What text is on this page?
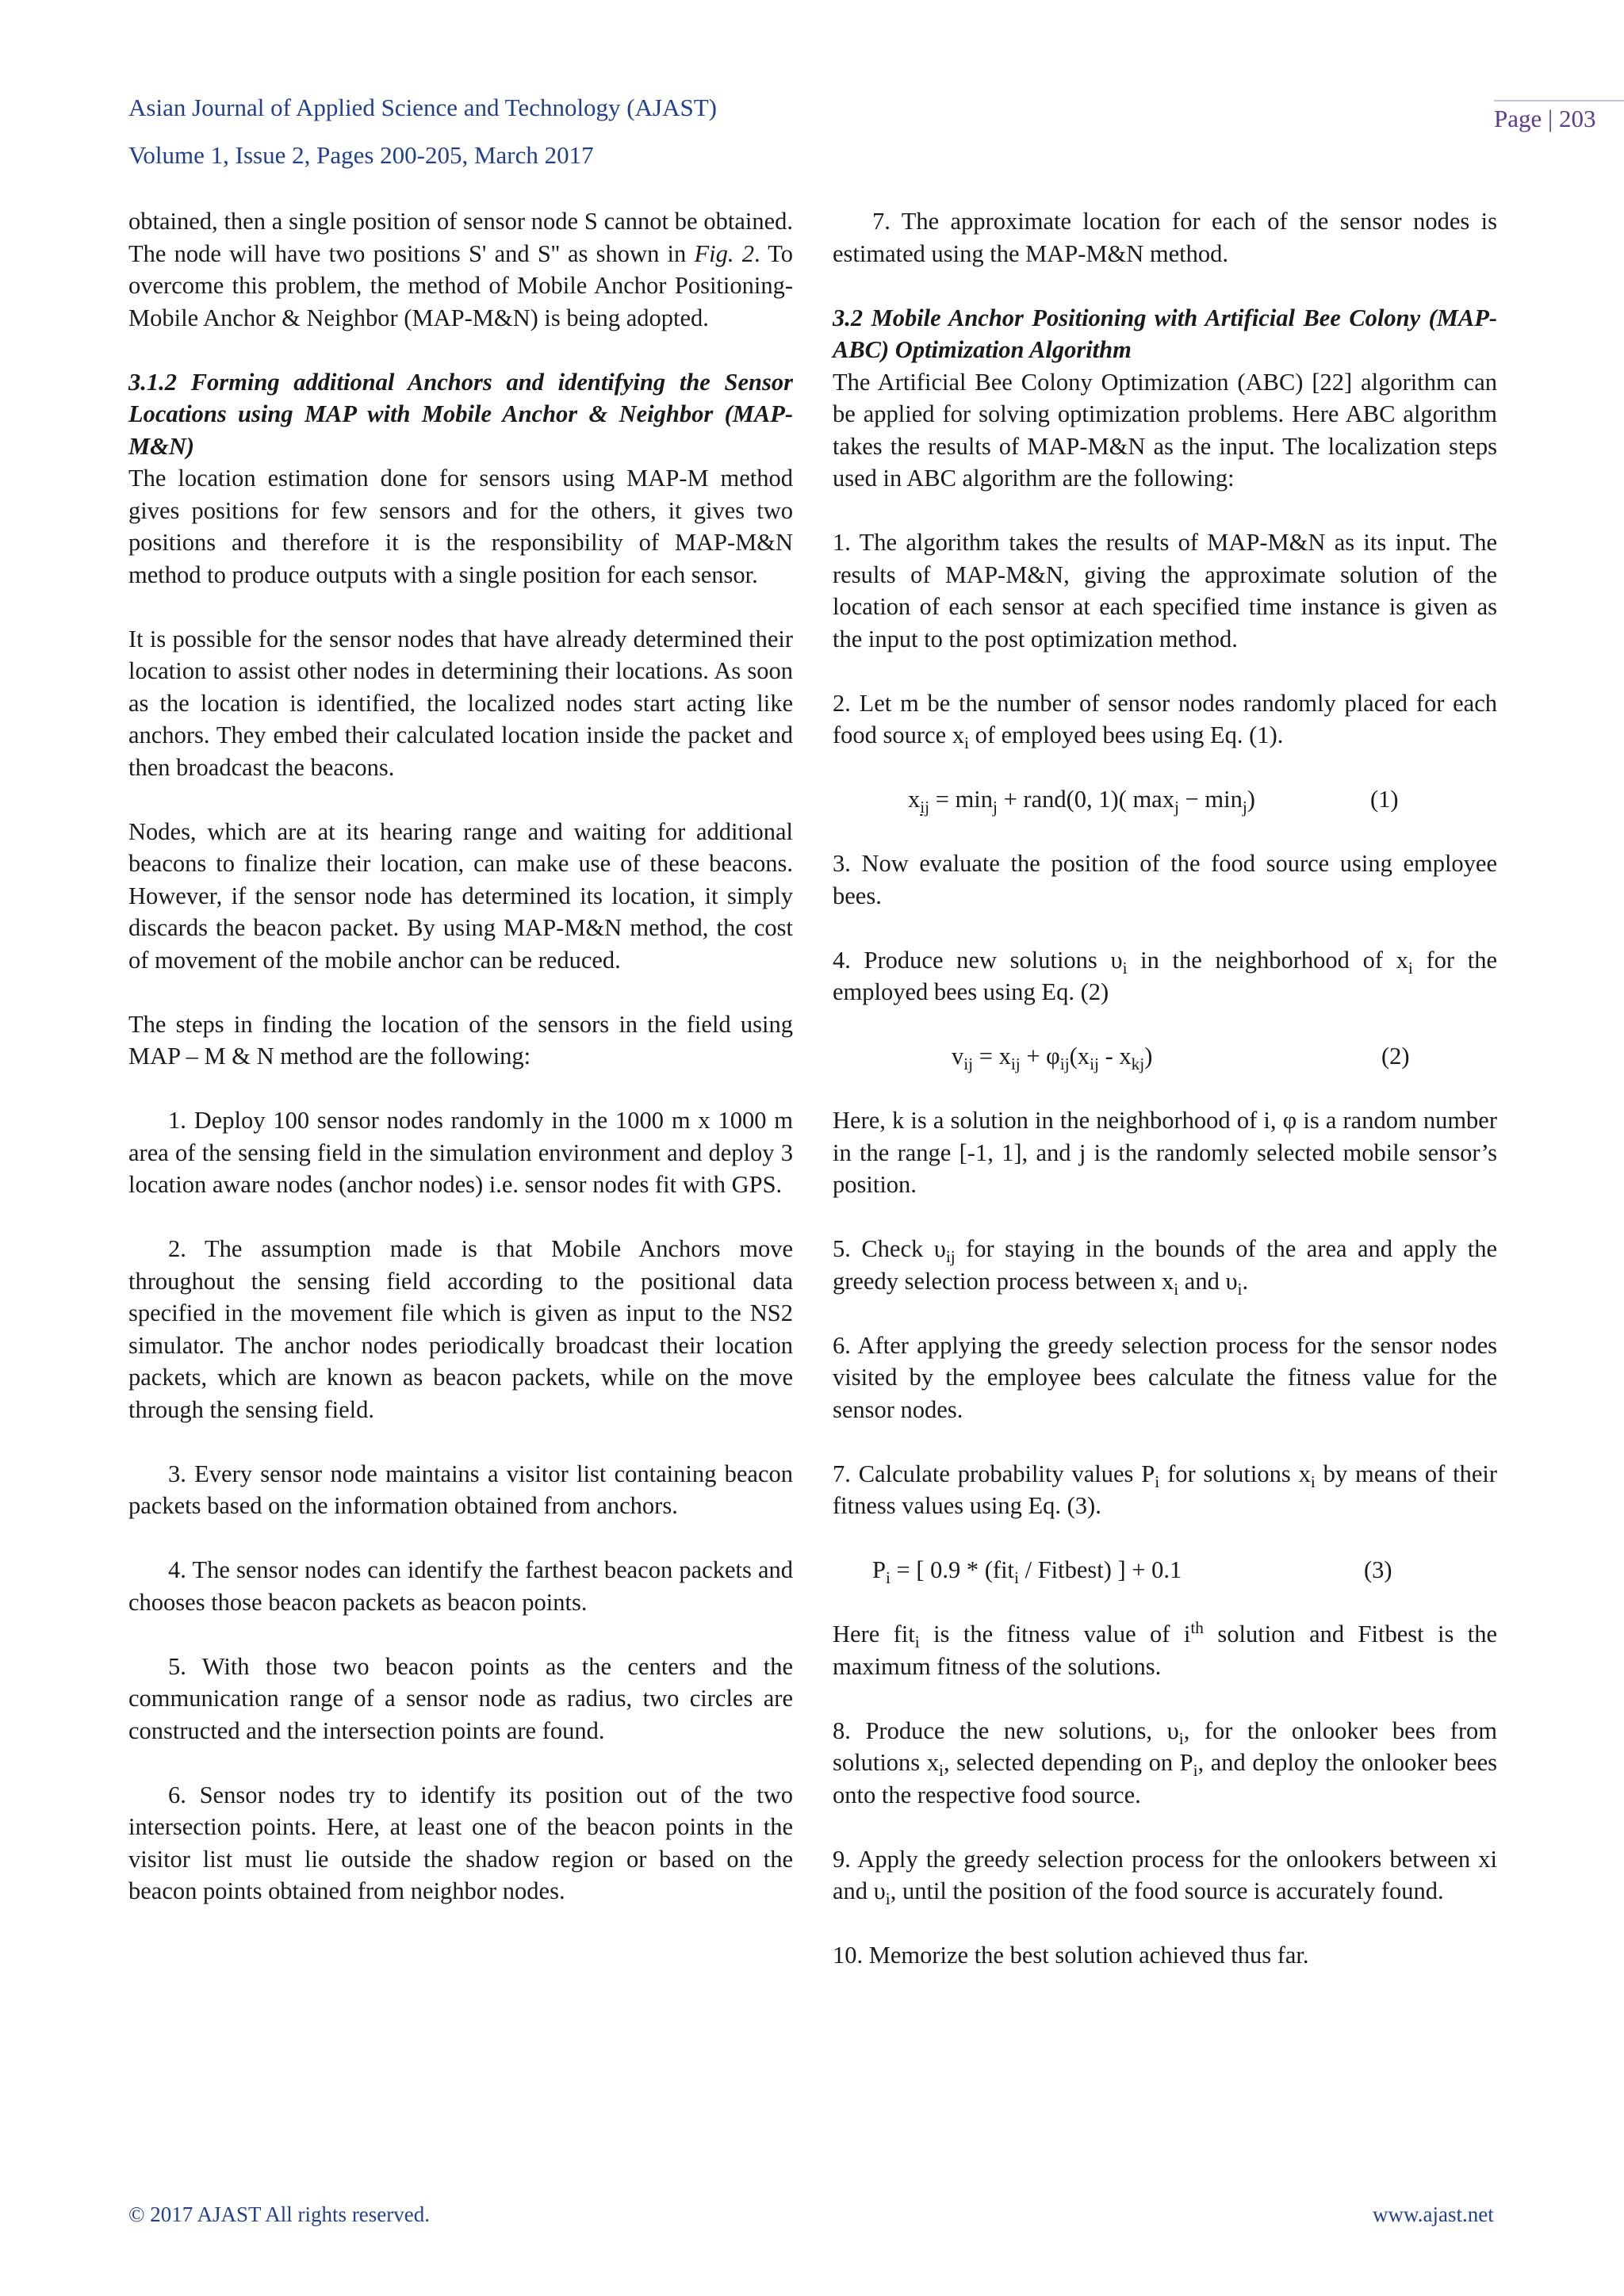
Asian Journal of Applied Science and Technology (AJAST)
Volume 1, Issue 2, Pages 200-205, March 2017
Page | 203

obtained, then a single position of sensor node S cannot be obtained. The node will have two positions S' and S'' as shown in Fig. 2. To overcome this problem, the method of Mobile Anchor Positioning-Mobile Anchor & Neighbor (MAP-M&N) is being adopted.

3.1.2 Forming additional Anchors and identifying the Sensor Locations using MAP with Mobile Anchor & Neighbor (MAP-M&N)

The location estimation done for sensors using MAP-M method gives positions for few sensors and for the others, it gives two positions and therefore it is the responsibility of MAP-M&N method to produce outputs with a single position for each sensor.

It is possible for the sensor nodes that have already determined their location to assist other nodes in determining their locations. As soon as the location is identified, the localized nodes start acting like anchors. They embed their calculated location inside the packet and then broadcast the beacons.

Nodes, which are at its hearing range and waiting for additional beacons to finalize their location, can make use of these beacons. However, if the sensor node has determined its location, it simply discards the beacon packet. By using MAP-M&N method, the cost of movement of the mobile anchor can be reduced.

The steps in finding the location of the sensors in the field using MAP – M & N method are the following:

1. Deploy 100 sensor nodes randomly in the 1000 m x 1000 m area of the sensing field in the simulation environment and deploy 3 location aware nodes (anchor nodes) i.e. sensor nodes fit with GPS.

2. The assumption made is that Mobile Anchors move throughout the sensing field according to the positional data specified in the movement file which is given as input to the NS2 simulator. The anchor nodes periodically broadcast their location packets, which are known as beacon packets, while on the move through the sensing field.

3. Every sensor node maintains a visitor list containing beacon packets based on the information obtained from anchors.

4. The sensor nodes can identify the farthest beacon packets and chooses those beacon packets as beacon points.

5. With those two beacon points as the centers and the communication range of a sensor node as radius, two circles are constructed and the intersection points are found.

6. Sensor nodes try to identify its position out of the two intersection points. Here, at least one of the beacon points in the visitor list must lie outside the shadow region or based on the beacon points obtained from neighbor nodes.

7. The approximate location for each of the sensor nodes is estimated using the MAP-M&N method.

3.2 Mobile Anchor Positioning with Artificial Bee Colony (MAP-ABC) Optimization Algorithm

The Artificial Bee Colony Optimization (ABC) [22] algorithm can be applied for solving optimization problems. Here ABC algorithm takes the results of MAP-M&N as the input. The localization steps used in ABC algorithm are the following:

1. The algorithm takes the results of MAP-M&N as its input. The results of MAP-M&N, giving the approximate solution of the location of each sensor at each specified time instance is given as the input to the post optimization method.

2. Let m be the number of sensor nodes randomly placed for each food source $x_i$ of employed bees using Eq. (1).

$x_{ij} = \min_j$ + rand(0, 1)( $\max_j - \min_j$)	(1)

3. Now evaluate the position of the food source using employee bees.

4. Produce new solutions $\upsilon_i$ in the neighborhood of $x_i$ for the employed bees using Eq. (2)

$v_{ij} = x_{ij} + \varphi_{ij}(x_{ij} - x_{kj})$	(2)

Here, k is a solution in the neighborhood of i, φ is a random number in the range [-1, 1], and j is the randomly selected mobile sensor’s position.

5. Check $\upsilon_{ij}$ for staying in the bounds of the area and apply the greedy selection process between $x_i$ and $\upsilon_i$.

6. After applying the greedy selection process for the sensor nodes visited by the employee bees calculate the fitness value for the sensor nodes.

7. Calculate probability values $P_i$ for solutions $x_i$ by means of their fitness values using Eq. (3).

$P_i$ = [ 0.9 * (fit$_i$ / Fitbest) ] + 0.1	(3)

Here fit$_i$ is the fitness value of $i^{th}$ solution and Fitbest is the maximum fitness of the solutions.

8. Produce the new solutions, $\upsilon_i$, for the onlooker bees from solutions $x_i$, selected depending on $P_i$, and deploy the onlooker bees onto the respective food source.

9. Apply the greedy selection process for the onlookers between xi and $\upsilon_i$, until the position of the food source is accurately found.

10. Memorize the best solution achieved thus far.

© 2017 AJAST All rights reserved.	www.ajast.net
